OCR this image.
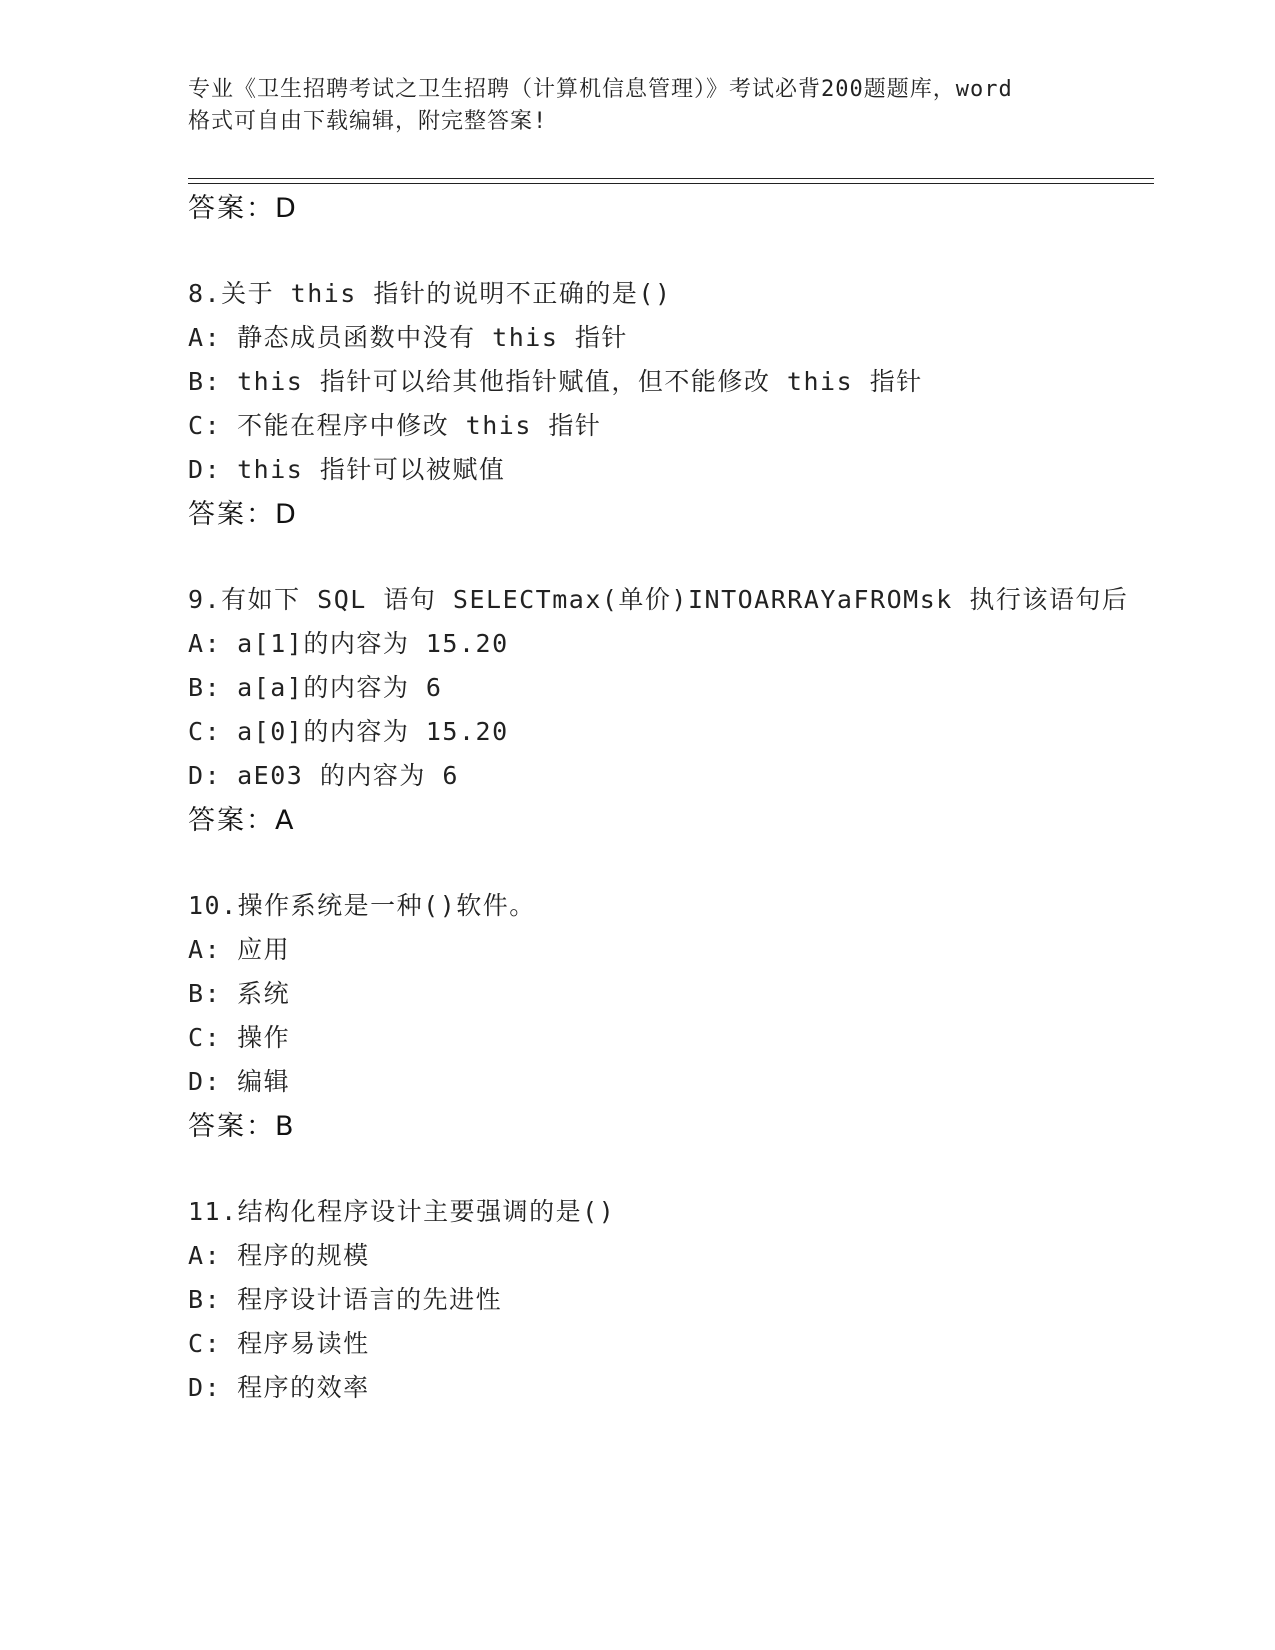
专业《卫生招聘考试之卫生招聘（计算机信息管理）》考试必背200题题库，word
格式可自由下载编辑，附完整答案!
答案：D
8.关于 this 指针的说明不正确的是()
A: 静态成员函数中没有 this 指针
B: this 指针可以给其他指针赋值，但不能修改 this 指针
C: 不能在程序中修改 this 指针
D: this 指针可以被赋值
答案：D
9.有如下 SQL 语句 SELECTmax(单价)INTOARRAYaFROMsk 执行该语句后
A: a[1]的内容为 15.20
B: a[a]的内容为 6
C: a[0]的内容为 15.20
D: aE03 的内容为 6
答案：A
10.操作系统是一种()软件。
A: 应用
B: 系统
C: 操作
D: 编辑
答案：B
11.结构化程序设计主要强调的是()
A: 程序的规模
B: 程序设计语言的先进性
C: 程序易读性
D: 程序的效率
